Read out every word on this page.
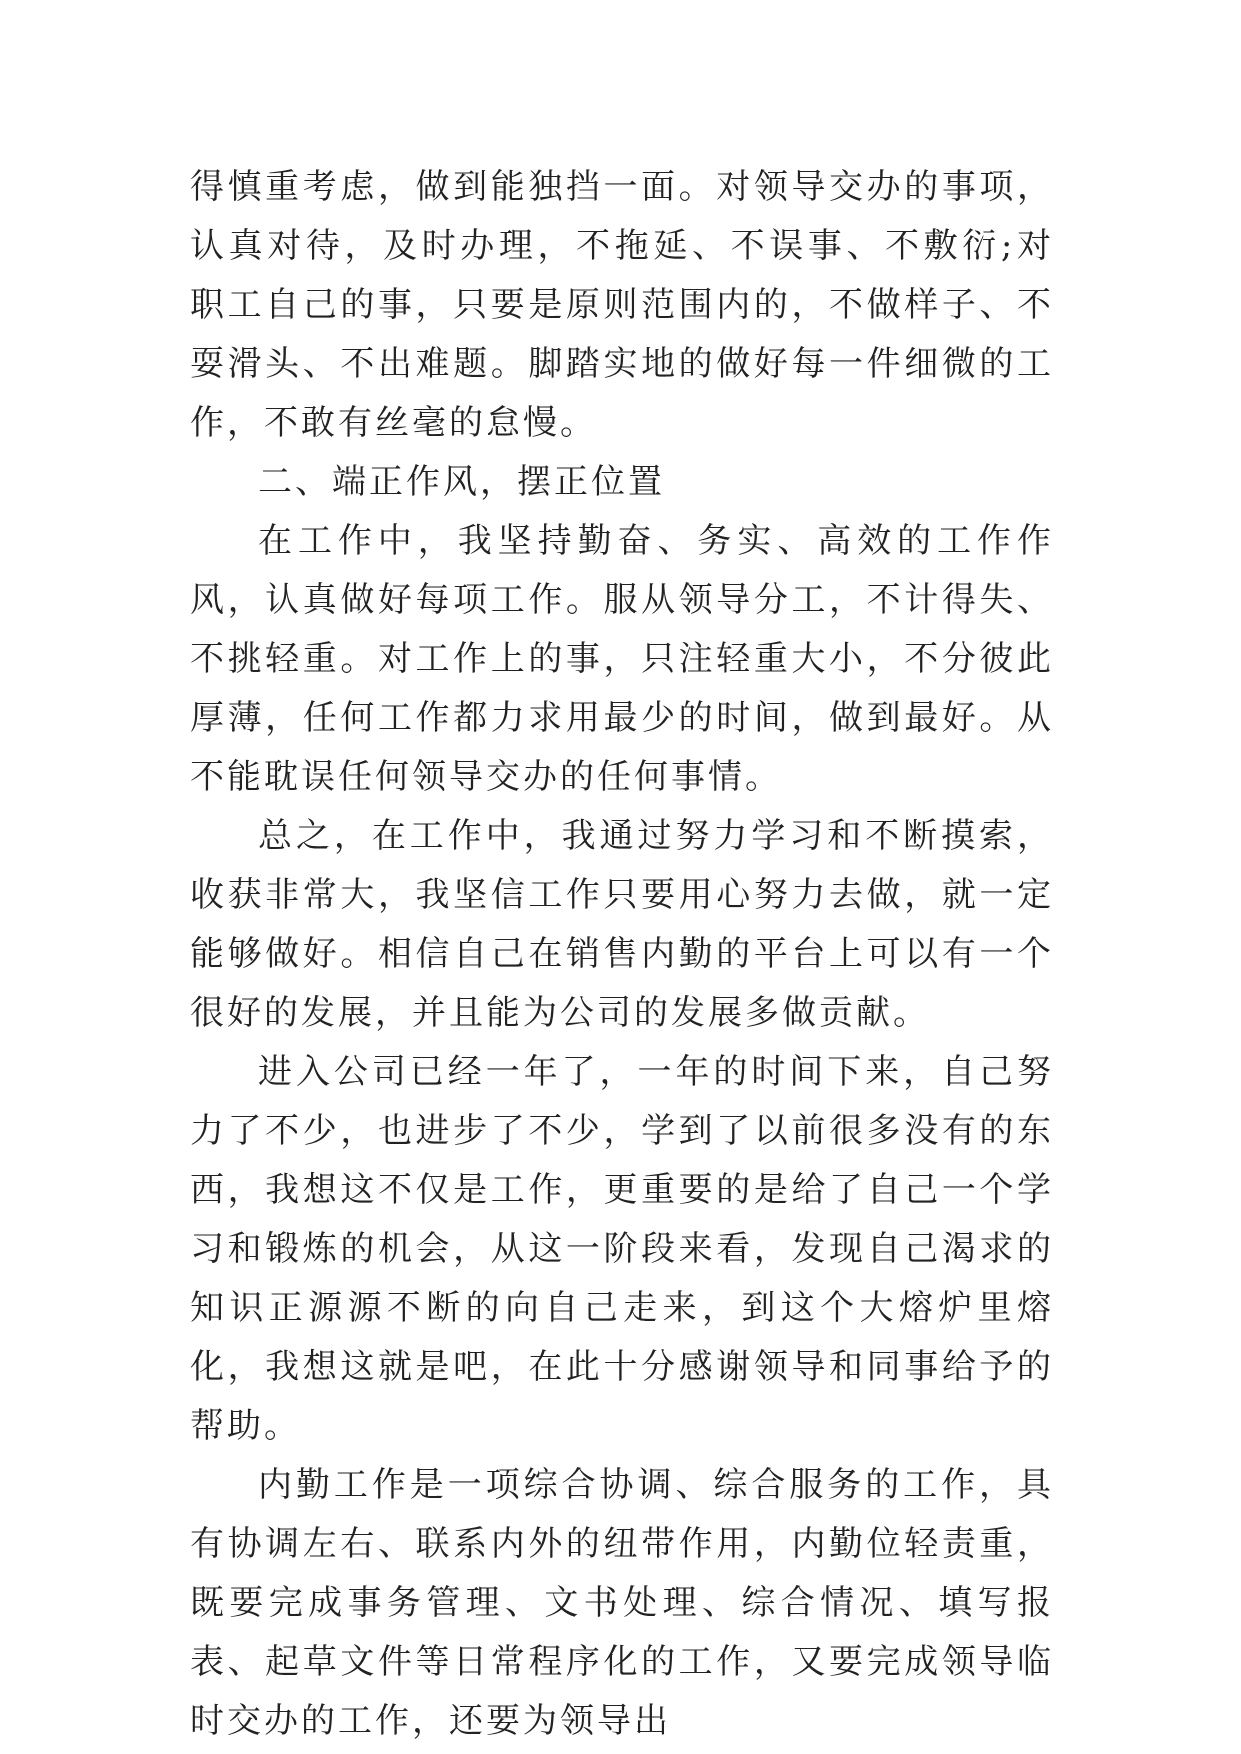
得慎重考虑，做到能独挡一面。对领导交办的事项，认真对待，及时办理，不拖延、不误事、不敷衍;对职工自己的事，只要是原则范围内的，不做样子、不耍滑头、不出难题。脚踏实地的做好每一件细微的工作，不敢有丝毫的怠慢。

二、端正作风，摆正位置

在工作中，我坚持勤奋、务实、高效的工作作风，认真做好每项工作。服从领导分工，不计得失、不挑轻重。对工作上的事，只注轻重大小，不分彼此厚薄，任何工作都力求用最少的时间，做到最好。从不能耽误任何领导交办的任何事情。

总之，在工作中，我通过努力学习和不断摸索，收获非常大，我坚信工作只要用心努力去做，就一定能够做好。相信自己在销售内勤的平台上可以有一个很好的发展，并且能为公司的发展多做贡献。

进入公司已经一年了，一年的时间下来，自己努力了不少，也进步了不少，学到了以前很多没有的东西，我想这不仅是工作，更重要的是给了自己一个学习和锻炼的机会，从这一阶段来看，发现自己渴求的知识正源源不断的向自己走来，到这个大熔炉里熔化，我想这就是吧，在此十分感谢领导和同事给予的帮助。

内勤工作是一项综合协调、综合服务的工作，具有协调左右、联系内外的纽带作用，内勤位轻责重，既要完成事务管理、文书处理、综合情况、填写报表、起草文件等日常程序化的工作，又要完成领导临时交办的工作，还要为领导出
